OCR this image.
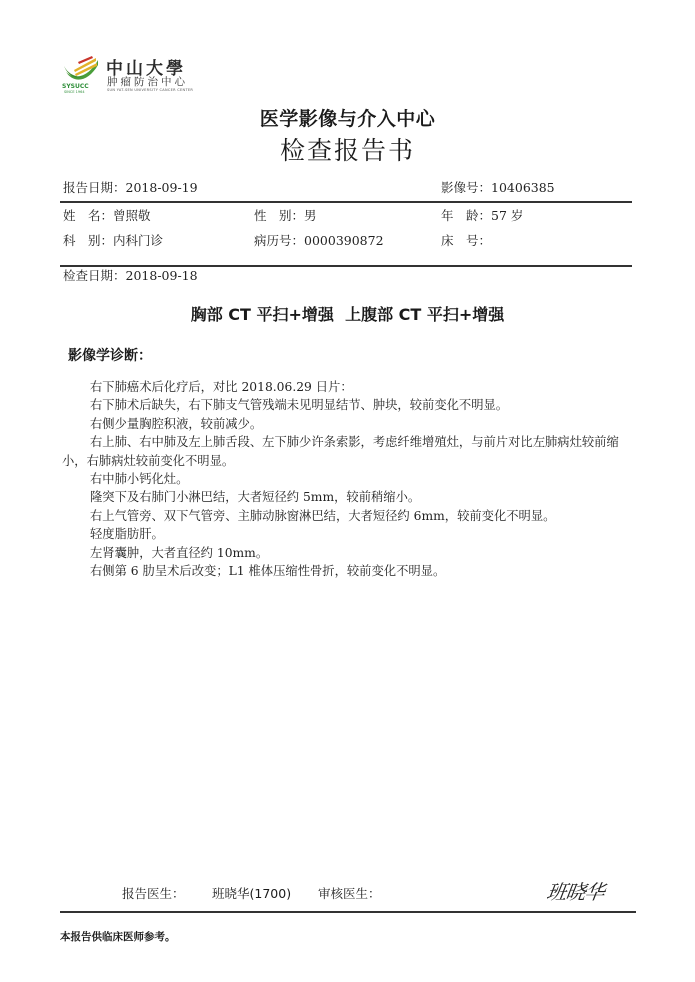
SYSUCC
SINCE 1964
中山大學
肿瘤防治中心
SUN YAT-SEN UNIVERSITY CANCER CENTER
医学影像与介入中心
检查报告书
报告日期：2018-09-19	影像号：10406385
姓　名：曾照敬	性　别：男	年　龄：57 岁
科　别：内科门诊	病历号：0000390872	床　号：
检查日期：2018-09-18
胸部 CT 平扫+增强  上腹部 CT 平扫+增强
影像学诊断：

右下肺癌术后化疗后，对比 2018.06.29 日片：

右下肺术后缺失，右下肺支气管残端未见明显结节、肿块，较前变化不明显。

右侧少量胸腔积液，较前减少。

右上肺、右中肺及左上肺舌段、左下肺少许条索影，考虑纤维增殖灶，与前片对比左肺病灶较前缩小，右肺病灶较前变化不明显。

右中肺小钙化灶。

隆突下及右肺门小淋巴结，大者短径约 5mm，较前稍缩小。

右上气管旁、双下气管旁、主肺动脉窗淋巴结，大者短径约 6mm，较前变化不明显。

轻度脂肪肝。

左肾囊肿，大者直径约 10mm。

右侧第 6 肋呈术后改变；L1 椎体压缩性骨折，较前变化不明显。

报告医生： 班晓华(1700) 审核医生：	班晓华
本报告供临床医师参考。
